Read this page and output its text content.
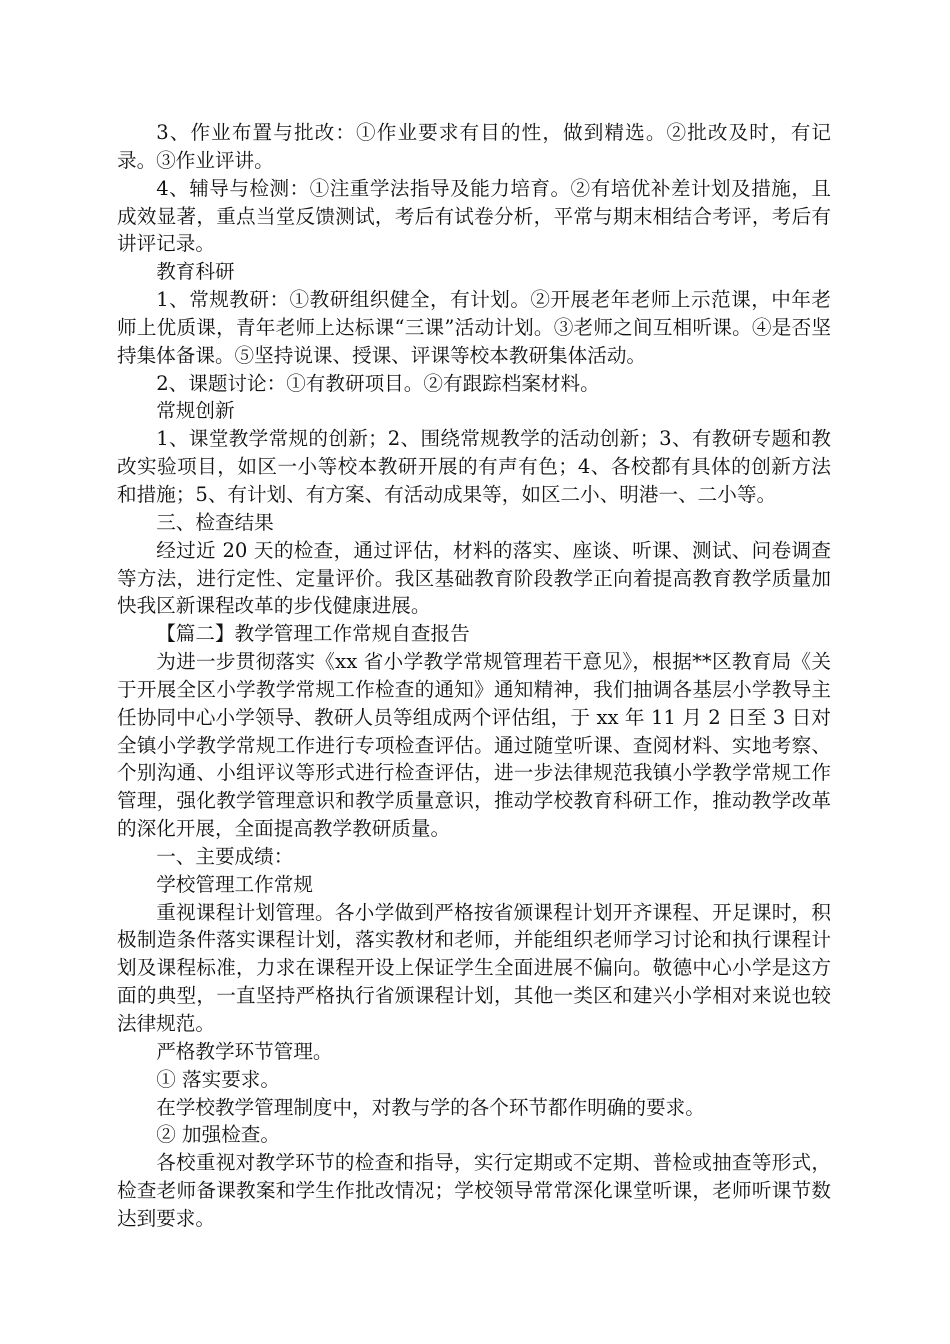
3、作业布置与批改：①作业要求有目的性，做到精选。②批改及时，有记录。③作业评讲。

4、辅导与检测：①注重学法指导及能力培育。②有培优补差计划及措施，且成效显著，重点当堂反馈测试，考后有试卷分析，平常与期末相结合考评，考后有讲评记录。

教育科研

1、常规教研：①教研组织健全，有计划。②开展老年老师上示范课，中年老师上优质课，青年老师上达标课“三课”活动计划。③老师之间互相听课。④是否坚持集体备课。⑤坚持说课、授课、评课等校本教研集体活动。

2、课题讨论：①有教研项目。②有跟踪档案材料。

常规创新

1、课堂教学常规的创新；2、围绕常规教学的活动创新；3、有教研专题和教改实验项目，如区一小等校本教研开展的有声有色；4、各校都有具体的创新方法和措施；5、有计划、有方案、有活动成果等，如区二小、明港一、二小等。

三、检查结果

经过近 20 天的检查，通过评估，材料的落实、座谈、听课、测试、问卷调查等方法，进行定性、定量评价。我区基础教育阶段教学正向着提高教育教学质量加快我区新课程改革的步伐健康进展。

【篇二】教学管理工作常规自查报告

为进一步贯彻落实《xx 省小学教学常规管理若干意见》，根据**区教育局《关于开展全区小学教学常规工作检查的通知》通知精神，我们抽调各基层小学教导主任协同中心小学领导、教研人员等组成两个评估组，于 xx 年 11 月 2 日至 3 日对全镇小学教学常规工作进行专项检查评估。通过随堂听课、查阅材料、实地考察、个别沟通、小组评议等形式进行检查评估，进一步法律规范我镇小学教学常规工作管理，强化教学管理意识和教学质量意识，推动学校教育科研工作，推动教学改革的深化开展，全面提高教学教研质量。

一、主要成绩：

学校管理工作常规

重视课程计划管理。各小学做到严格按省颁课程计划开齐课程、开足课时，积极制造条件落实课程计划，落实教材和老师，并能组织老师学习讨论和执行课程计划及课程标准，力求在课程开设上保证学生全面进展不偏向。敬德中心小学是这方面的典型，一直坚持严格执行省颁课程计划，其他一类区和建兴小学相对来说也较法律规范。

严格教学环节管理。

① 落实要求。

在学校教学管理制度中，对教与学的各个环节都作明确的要求。

② 加强检查。

各校重视对教学环节的检查和指导，实行定期或不定期、普检或抽查等形式，检查老师备课教案和学生作批改情况；学校领导常常深化课堂听课，老师听课节数达到要求。
